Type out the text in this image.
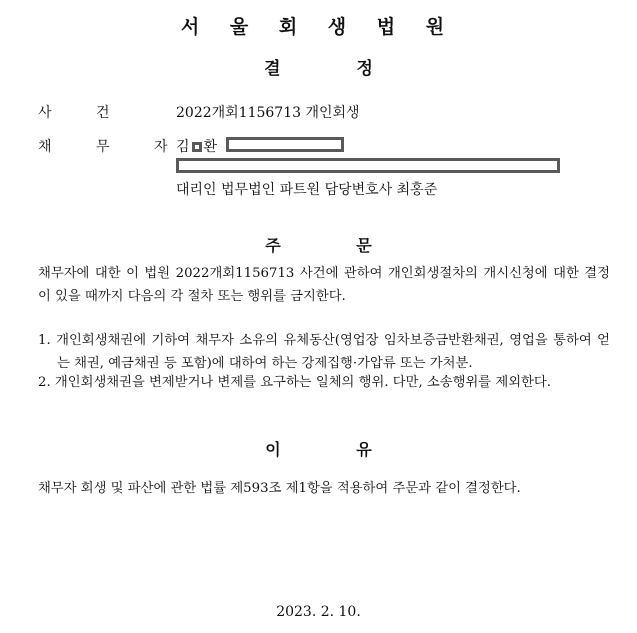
서 울 회 생 법 원
결 정
사 건	2022개회1156713 개인회생
채 무 자 김 환
대리인 법무법인 파트원 담당변호사 최홍준
주 문
채무자에 대한 이 법원 2022개회1156713 사건에 관하여 개인회생절차의 개시신청에 대한 결정이 있을 때까지 다음의 각 절차 또는 행위를 금지한다.
1. 개인회생채권에 기하여 채무자 소유의 유체동산(영업장 임차보증금반환채권, 영업을 통하여 얻는 채권, 예금채권 등 포함)에 대하여 하는 강제집행·가압류 또는 가처분.
2. 개인회생채권을 변제받거나 변제를 요구하는 일체의 행위. 다만, 소송행위를 제외한다.
이 유
채무자 회생 및 파산에 관한 법률 제593조 제1항을 적용하여 주문과 같이 결정한다.
2023. 2. 10.
